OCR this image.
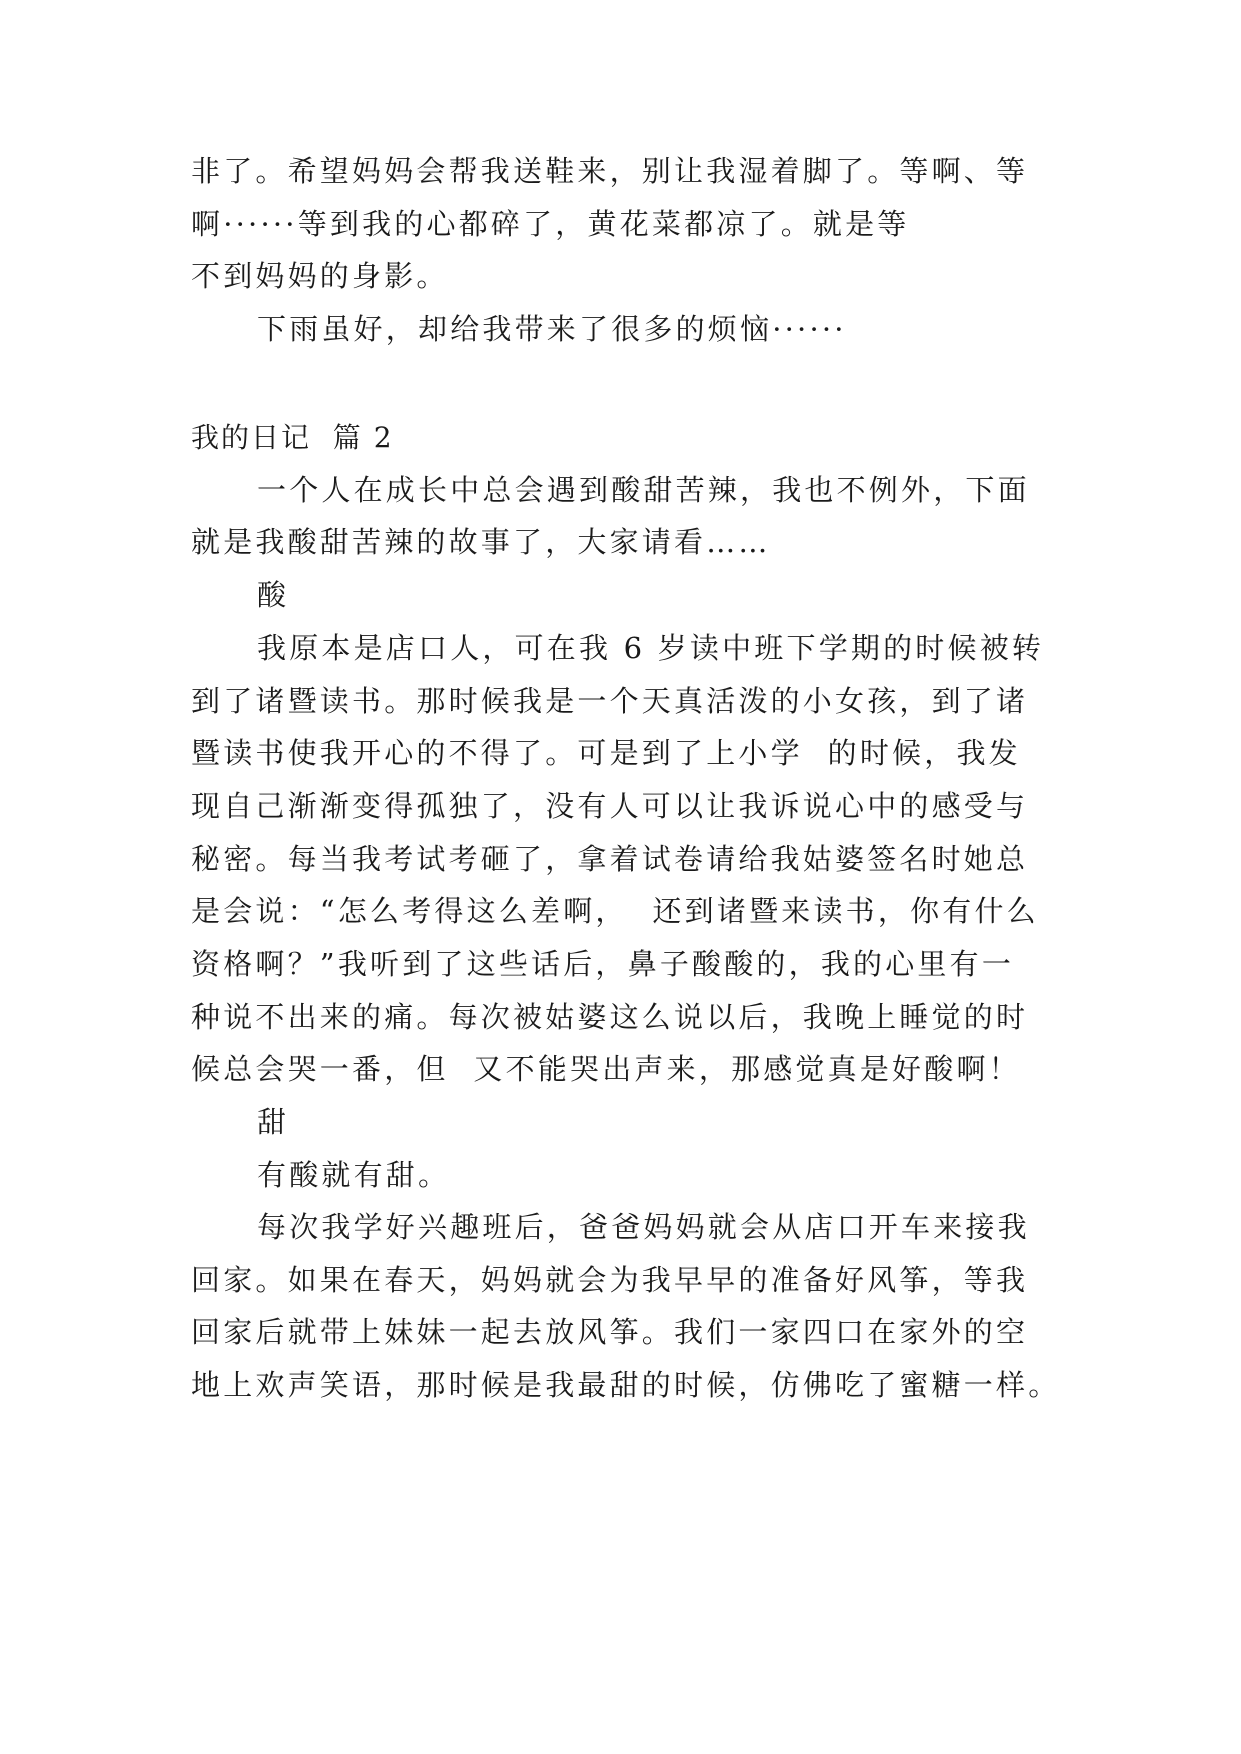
非了。希望妈妈会帮我送鞋来，别让我湿着脚了。等啊、等
啊······等到我的心都碎了，黄花菜都凉了。就是等
不到妈妈的身影。
下雨虽好，却给我带来了很多的烦恼······
我的日记  篇 2
一个人在成长中总会遇到酸甜苦辣，我也不例外，下面
就是我酸甜苦辣的故事了，大家请看……
酸
我原本是店口人，可在我 6 岁读中班下学期的时候被转
到了诸暨读书。那时候我是一个天真活泼的小女孩，到了诸
暨读书使我开心的不得了。可是到了上小学  的时候，我发
现自己渐渐变得孤独了，没有人可以让我诉说心中的感受与
秘密。每当我考试考砸了，拿着试卷请给我姑婆签名时她总
是会说：“怎么考得这么差啊，  还到诸暨来读书，你有什么
资格啊？”我听到了这些话后，鼻子酸酸的，我的心里有一
种说不出来的痛。每次被姑婆这么说以后，我晚上睡觉的时
候总会哭一番，但  又不能哭出声来，那感觉真是好酸啊！
甜
有酸就有甜。
每次我学好兴趣班后，爸爸妈妈就会从店口开车来接我
回家。如果在春天，妈妈就会为我早早的准备好风筝，等我
回家后就带上妹妹一起去放风筝。我们一家四口在家外的空
地上欢声笑语，那时候是我最甜的时候，仿佛吃了蜜糖一样。
